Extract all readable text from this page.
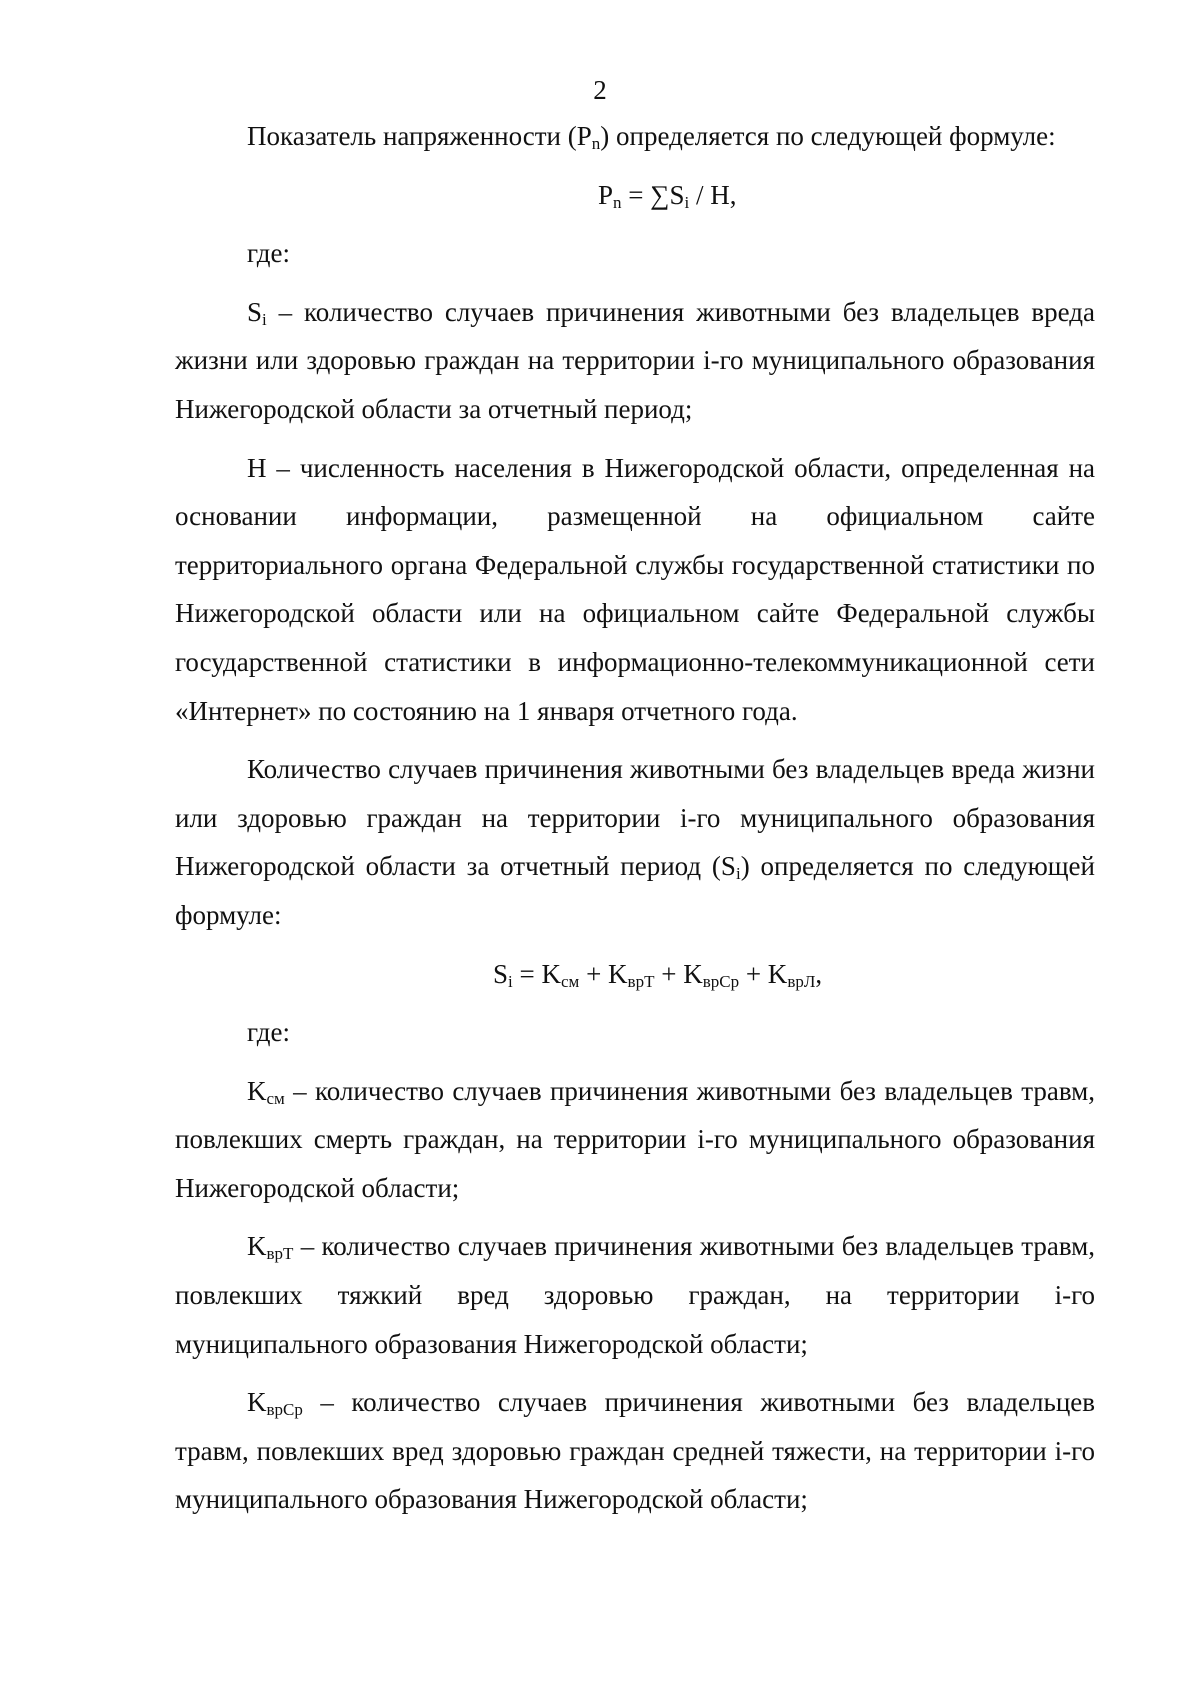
2

Показатель напряженности $(P_n)$ определяется по следующей формуле:

$P_n = \sum S_i / H$,

где:

$S_i$ – количество случаев причинения животными без владельцев вреда жизни или здоровью граждан на территории i-го муниципального образования Нижегородской области за отчетный период;

H – численность населения в Нижегородской области, определенная на основании информации, размещенной на официальном сайте территориального органа Федеральной службы государственной статистики по Нижегородской области или на официальном сайте Федеральной службы государственной статистики в информационно-телекоммуникационной сети «Интернет» по состоянию на 1 января отчетного года.

Количество случаев причинения животными без владельцев вреда жизни или здоровью граждан на территории i-го муниципального образования Нижегородской области за отчетный период $(S_i)$ определяется по следующей формуле:

$S_i = K_{см} + K_{врТ} + K_{врСр} + K_{врЛ}$,

где:

$K_{см}$ – количество случаев причинения животными без владельцев травм, повлекших смерть граждан, на территории i-го муниципального образования Нижегородской области;

$K_{врТ}$ – количество случаев причинения животными без владельцев травм, повлекших тяжкий вред здоровью граждан, на территории i-го муниципального образования Нижегородской области;

$K_{врСр}$ – количество случаев причинения животными без владельцев травм, повлекших вред здоровью граждан средней тяжести, на территории i-го муниципального образования Нижегородской области;
